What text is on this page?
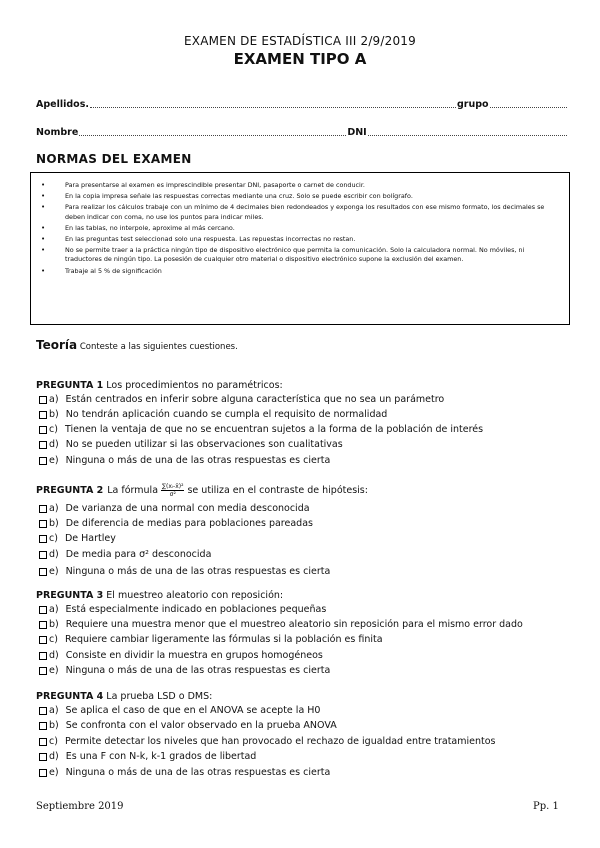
EXAMEN DE ESTADÍSTICA III 2/9/2019
EXAMEN TIPO A
Apellidos.	grupo
Nombre	DNI
NORMAS DEL EXAMEN
•	Para presentarse al examen es imprescindible presentar DNI, pasaporte o carnet de conducir.
•	En la copia impresa señale las respuestas correctas mediante una cruz. Solo se puede escribir con bolígrafo.
•	Para realizar los cálculos trabaje con un mínimo de 4 decimales bien redondeados y exponga los resultados con ese mismo formato, los decimales se deben indicar con coma, no use los puntos para indicar miles.
•	En las tablas, no interpole, aproxime al más cercano.
•	En las preguntas test seleccionad solo una respuesta. Las repuestas incorrectas no restan.
•	No se permite traer a la práctica ningún tipo de dispositivo electrónico que permita la comunicación. Solo la calculadora normal. No móviles, ni traductores de ningún tipo. La posesión de cualquier otro material o dispositivo electrónico supone la exclusión del examen.
•	Trabaje al 5 % de significación
Teoría Conteste a las siguientes cuestiones.
PREGUNTA 1 Los procedimientos no paramétricos:
a) Están centrados en inferir sobre alguna característica que no sea un parámetro
b) No tendrán aplicación cuando se cumpla el requisito de normalidad
c) Tienen la ventaja de que no se encuentran sujetos a la forma de la población de interés
d) No se pueden utilizar si las observaciones son cualitativas
e) Ninguna o más de una de las otras respuestas es cierta
PREGUNTA 2 La fórmula $\frac{\text{∑(xᵢ-x̄)²}}{\text{σ²}}$ se utiliza en el contraste de hipótesis:
a) De varianza de una normal con media desconocida
b) De diferencia de medias para poblaciones pareadas
c) De Hartley
d) De media para σ² desconocida
e) Ninguna o más de una de las otras respuestas es cierta
PREGUNTA 3 El muestreo aleatorio con reposición:
a) Está especialmente indicado en poblaciones pequeñas
b) Requiere una muestra menor que el muestreo aleatorio sin reposición para el mismo error dado
c) Requiere cambiar ligeramente las fórmulas si la población es finita
d) Consiste en dividir la muestra en grupos homogéneos
e) Ninguna o más de una de las otras respuestas es cierta
PREGUNTA 4 La prueba LSD o DMS:
a) Se aplica el caso de que en el ANOVA se acepte la H0
b) Se confronta con el valor observado en la prueba ANOVA
c) Permite detectar los niveles que han provocado el rechazo de igualdad entre tratamientos
d) Es una F con N-k, k-1 grados de libertad
e) Ninguna o más de una de las otras respuestas es cierta
Septiembre 2019	Pp. 1
